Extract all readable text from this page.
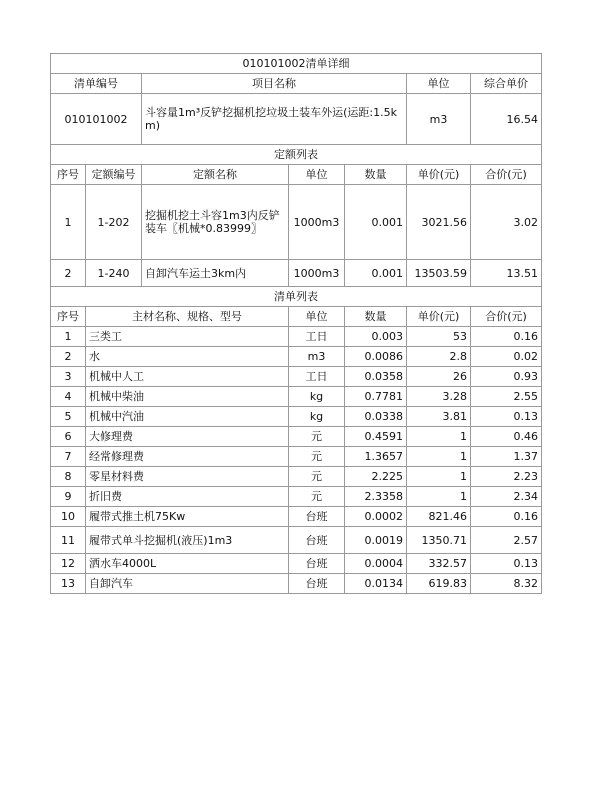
010101002清单详细						
清单编号		项目名称			单位	综合单价
010101002		斗容量1m³反铲挖掘机挖垃圾土装车外运(运距:1.5km)			m3	16.54
定额列表						
序号	定额编号	定额名称	单位	数量	单价(元)	合价(元)
1	1-202	挖掘机挖土斗容1m3内反铲装车〖机械*0.83999〗	1000m3	0.001	3021.56	3.02
2	1-240	自卸汽车运土3km内	1000m3	0.001	13503.59	13.51
清单列表						
序号	主材名称、规格、型号		单位	数量	单价(元)	合价(元)
1	三类工		工日	0.003	53	0.16
2	水		m3	0.0086	2.8	0.02
3	机械中人工		工日	0.0358	26	0.93
4	机械中柴油		kg	0.7781	3.28	2.55
5	机械中汽油		kg	0.0338	3.81	0.13
6	大修理费		元	0.4591	1	0.46
7	经常修理费		元	1.3657	1	1.37
8	零星材料费		元	2.225	1	2.23
9	折旧费		元	2.3358	1	2.34
10	履带式推土机75Kw		台班	0.0002	821.46	0.16
11	履带式单斗挖掘机(液压)1m3		台班	0.0019	1350.71	2.57
12	洒水车4000L		台班	0.0004	332.57	0.13
13	自卸汽车		台班	0.0134	619.83	8.32
